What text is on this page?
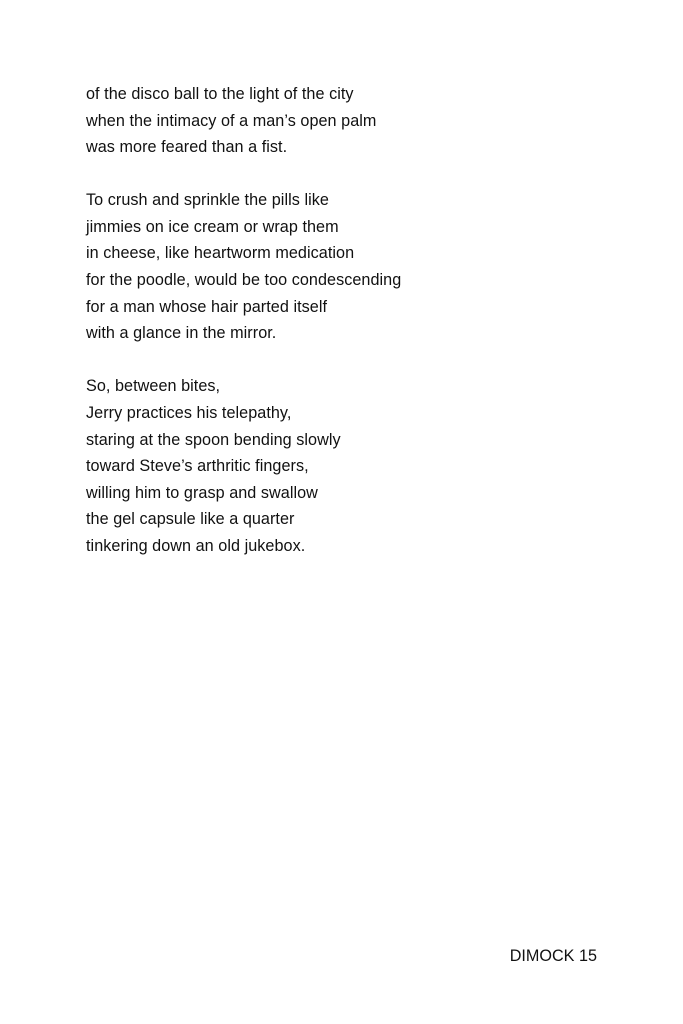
of the disco ball to the light of the city
when the intimacy of a man’s open palm
was more feared than a fist.
To crush and sprinkle the pills like
jimmies on ice cream or wrap them
in cheese, like heartworm medication
for the poodle, would be too condescending
for a man whose hair parted itself
with a glance in the mirror.
So, between bites,
Jerry practices his telepathy,
staring at the spoon bending slowly
toward Steve’s arthritic fingers,
willing him to grasp and swallow
the gel capsule like a quarter
tinkering down an old jukebox.
DIMOCK 15
